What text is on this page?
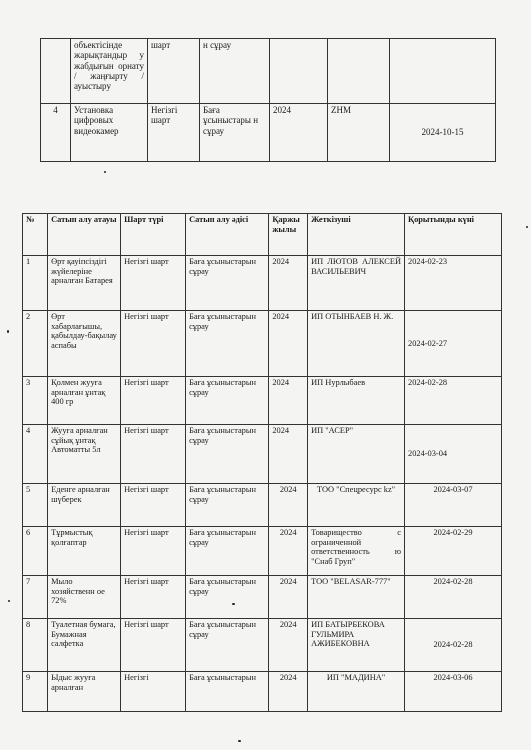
	объектісінде жарықтандыр у жабдығын орнату / жаңғырту / ауыстыру	шарт	н сұрау			
4	Установка цифровых видеокамер	Негізгі шарт	Баға ұсыныстары н сұрау	2024	ZHM	2024-10-15
№	Сатып алу атауы	Шарт түрі	Сатып алу әдісі	Қаржы жылы	Жеткізуші	Қорытынды күні
1	Өрт қауіпсіздігі жүйелеріне арналған Батарея	Негізгі шарт	Баға ұсыныстарын сұрау	2024	ИП ЛЮТОВ АЛЕКСЕЙ ВАСИЛЬЕВИЧ	2024-02-23
2	Өрт хабарлағышы, қабылдау-бақылау аспабы	Негізгі шарт	Баға ұсыныстарын сұрау	2024	ИП ОТЫНБАЕВ Н. Ж.	2024-02-27
3	Қолмен жууға арналған ұнтақ 400 гр	Негізгі шарт	Баға ұсыныстарын сұрау	2024	ИП Нурлыбаев	2024-02-28
4	Жууға арналған сұйық ұнтақ Автоматты 5л	Негізгі шарт	Баға ұсыныстарын сұрау	2024	ИП "АСЕР"	2024-03-04
5	Еденге арналған шүберек	Негізгі шарт	Баға ұсыныстарын сұрау	2024	ТОО "Спецресурс kz"	2024-03-07
6	Тұрмыстық қолғаптар	Негізгі шарт	Баға ұсыныстарын сұрау	2024	Товарищество с ограниченной ответственность ю "Снаб Груп"	2024-02-29
7	Мыло хозяйственн ое 72%	Негізгі шарт	Баға ұсыныстарын сұрау	2024	ТОО "BELASAR-777"	2024-02-28
8	Туалетная бумага, Бумажная салфетка	Негізгі шарт	Баға ұсыныстарын сұрау	2024	ИП БАТЫРБЕКОВА ГУЛЬМИРА АЖИБЕКОВНА	2024-02-28
9	Ыдыс жууға арналған	Негізгі	Баға ұсыныстарын	2024	ИП "МАДИНА"	2024-03-06
